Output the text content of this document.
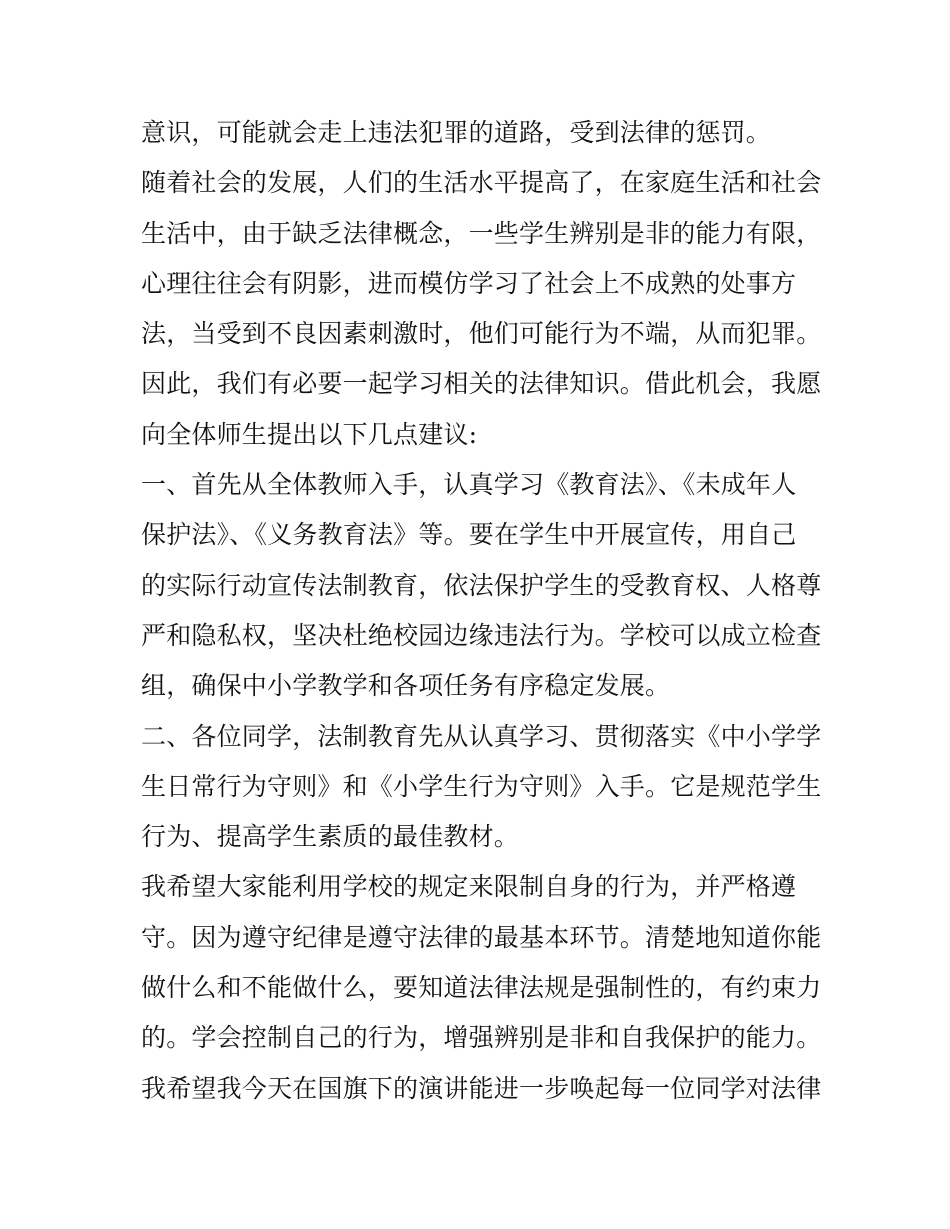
意识，可能就会走上违法犯罪的道路，受到法律的惩罚。
随着社会的发展，人们的生活水平提高了，在家庭生活和社会
生活中，由于缺乏法律概念，一些学生辨别是非的能力有限，
心理往往会有阴影，进而模仿学习了社会上不成熟的处事方
法，当受到不良因素刺激时，他们可能行为不端，从而犯罪。
因此，我们有必要一起学习相关的法律知识。借此机会，我愿
向全体师生提出以下几点建议:
一、首先从全体教师入手，认真学习《教育法》、《未成年人
保护法》、《义务教育法》等。要在学生中开展宣传，用自己
的实际行动宣传法制教育，依法保护学生的受教育权、人格尊
严和隐私权，坚决杜绝校园边缘违法行为。学校可以成立检查
组，确保中小学教学和各项任务有序稳定发展。
二、各位同学，法制教育先从认真学习、贯彻落实《中小学学
生日常行为守则》和《小学生行为守则》入手。它是规范学生
行为、提高学生素质的最佳教材。
我希望大家能利用学校的规定来限制自身的行为，并严格遵
守。因为遵守纪律是遵守法律的最基本环节。清楚地知道你能
做什么和不能做什么，要知道法律法规是强制性的，有约束力
的。学会控制自己的行为，增强辨别是非和自我保护的能力。
我希望我今天在国旗下的演讲能进一步唤起每一位同学对法律
